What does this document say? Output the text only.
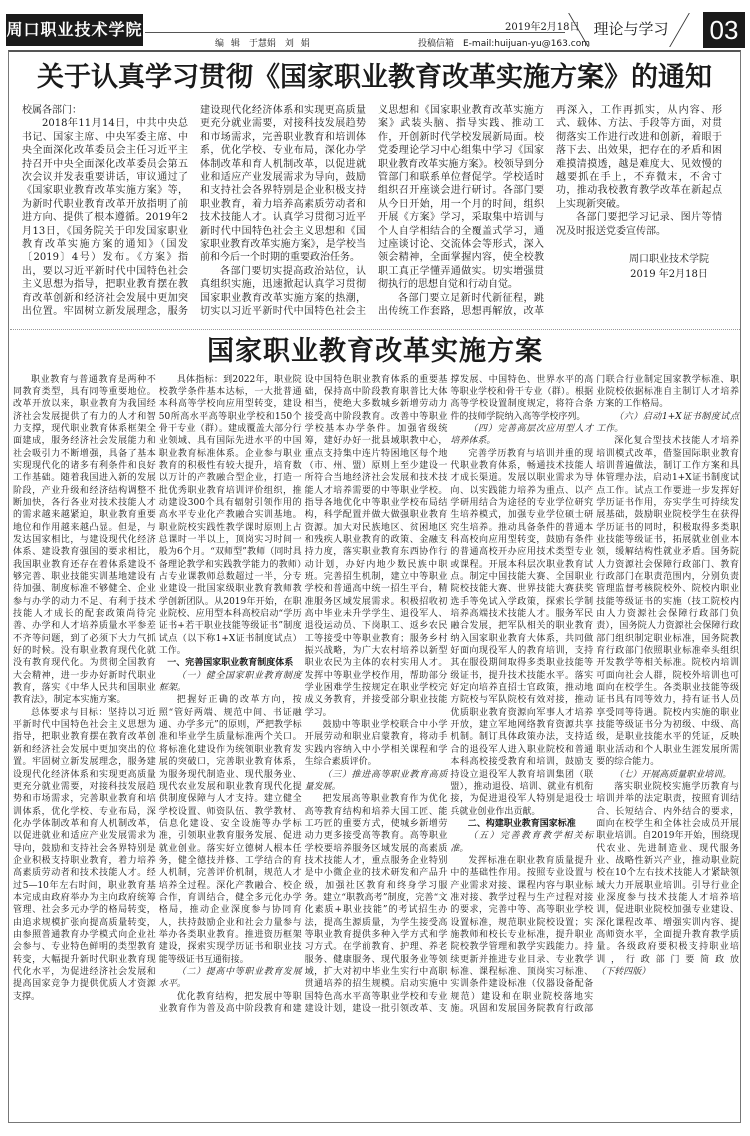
周口职业技术学院	2019年2月18日 理论与学习	03
编 辑　于慧娟　刘 娟	投稿信箱　E-mail:huijuan-yu@163.com
关于认真学习贯彻《国家职业教育改革实施方案》的通知

校属各部门：

2018年11月14日，中共中央总书记、国家主席、中央军委主席、中央全面深化改革委员会主任习近平主持召开中央全面深化改革委员会第五次会议并发表重要讲话，审议通过了《国家职业教育改革实施方案》等，为新时代职业教育改革开放指明了前进方向、提供了根本遵循。2019年2月13日，《国务院关于印发国家职业教育改革实施方案的通知》（国发〔2019〕4号）发布。《方案》指出，要以习近平新时代中国特色社会主义思想为指导，把职业教育摆在教育改革创新和经济社会发展中更加突出位置。牢固树立新发展理念，服务建设现代化经济体系和实现更高质量更充分就业需要，对接科技发展趋势和市场需求，完善职业教育和培训体系，优化学校、专业布局，深化办学体制改革和育人机制改革，以促进就业和适应产业发展需求为导向，鼓励和支持社会各界特别是企业积极支持职业教育，着力培养高素质劳动者和技术技能人才。认真学习贯彻习近平新时代中国特色社会主义思想和《国家职业教育改革实施方案》，是学校当前和今后一个时期的重要政治任务。

各部门要切实提高政治站位，认真组织实施，迅速掀起认真学习贯彻国家职业教育改革实施方案的热潮，切实以习近平新时代中国特色社会主义思想和《国家职业教育改革实施方案》武装头脑、指导实践、推动工作，开创新时代学校发展新局面。校党委理论学习中心组集中学习《国家职业教育改革实施方案》。校领导到分管部门和联系单位督促学。学校适时组织召开座谈会进行研讨。各部门要从今日开始，用一个月的时间，组织开展《方案》学习，采取集中培训与个人自学相结合的全覆盖式学习，通过座谈讨论、交流体会等形式，深入领会精神，全面掌握内容，使全校教职工真正学懂弄通做实。切实增强贯彻执行的思想自觉和行动自觉。

各部门要立足新时代新征程，跳出传统工作套路，思想再解放，改革再深入，工作再抓实，从内容、形式、载体、方法、手段等方面，对贯彻落实工作进行改进和创新，着眼于落下去、出效果，把存在的矛盾和困难摸清摸透，越是难度大、见效慢的越要抓在手上，不弃微末，不舍寸功，推动我校教育教学改革在新起点上实现新突破。

各部门要把学习记录、图片等情况及时报送党委宣传部。

周口职业技术学院
2019 年2月18日
国家职业教育改革实施方案

职业教育与普通教育是两种不同教育类型，具有同等重要地位。改革开放以来，职业教育为我国经济社会发展提供了有力的人才和智力支撑，现代职业教育体系框架全面建成，服务经济社会发展能力和社会吸引力不断增强，具备了基本实现现代化的诸多有利条件和良好工作基础。随着我国进入新的发展阶段，产业升级和经济结构调整不断加快，各行各业对技术技能人才的需求越来越紧迫，职业教育重要地位和作用越来越凸显。但是，与发达国家相比，与建设现代化经济体系、建设教育强国的要求相比，我国职业教育还存在着体系建设不够完善、职业技能实训基地建设有待加强、制度标准不够健全、企业参与办学的动力不足、有利于技术技能人才成长的配套政策尚待完善、办学和人才培养质量水平参差不齐等问题，到了必须下大力气抓好的时候。没有职业教育现代化就没有教育现代化。为贯彻全国教育大会精神，进一步办好新时代职业教育，落实《中华人民共和国职业教育法》，制定本实施方案。

总体要求与目标：坚持以习近平新时代中国特色社会主义思想为指导，把职业教育摆在教育改革创新和经济社会发展中更加突出的位置。牢固树立新发展理念，服务建设现代化经济体系和实现更高质量更充分就业需要，对接科技发展趋势和市场需求，完善职业教育和培训体系，优化学校、专业布局，深化办学体制改革和育人机制改革，以促进就业和适应产业发展需求为导向，鼓励和支持社会各界特别是企业积极支持职业教育，着力培养高素质劳动者和技术技能人才。经过5—10年左右时间，职业教育基本完成由政府举办为主向政府统筹管理、社会多元办学的格局转变，由追求规模扩张向提高质量转变，由参照普通教育办学模式向企业社会参与、专业特色鲜明的类型教育转变，大幅提升新时代职业教育现代化水平，为促进经济社会发展和提高国家竞争力提供优质人才资源支撑。

具体指标：到2022年，职业院校教学条件基本达标，一大批普通本科高等学校向应用型转变，建设50所高水平高等职业学校和150个骨干专业（群）。建成覆盖大部分行业领域、具有国际先进水平的中国职业教育标准体系。企业参与职业教育的积极性有较大提升，培育数以万计的产教融合型企业，打造一批优秀职业教育培训评价组织，推动建设300个具有辐射引领作用的高水平专业化产教融合实训基地。职业院校实践性教学课时原则上占总课时一半以上，顶岗实习时间一般为6个月。“双师型”教师（同时具备理论教学和实践教学能力的教师）占专业课教师总数超过一半，分专业建设一批国家级职业教育教师教学创新团队。从2019年开始，在职业院校、应用型本科高校启动“学历证书+若干职业技能等级证书”制度试点（以下称1+X证书制度试点）工作。

一、完善国家职业教育制度体系

（一）健全国家职业教育制度框架。

把握好正确的改革方向，按照“管好两端、规范中间、书证融通、办学多元”的原则，严把教学标准和毕业学生质量标准两个关口。将标准化建设作为统领职业教育发展的突破口，完善职业教育体系，为服务现代制造业、现代服务业、现代农业发展和职业教育现代化提供制度保障与人才支持。建立健全学校设置、师资队伍、教学教材、信息化建设、安全设施等办学标准，引领职业教育服务发展、促进就业创业。落实好立德树人根本任务，健全德技并修、工学结合的育人机制，完善评价机制，规范人才培养全过程。深化产教融合、校企合作，育训结合，健全多元化办学格局，推动企业深度参与协同育人，扶持鼓励企业和社会力量参与举办各类职业教育。推进资历框架建设，探索实现学历证书和职业技能等级证书互通衔接。

（二）提高中等职业教育发展水平。

优化教育结构，把发展中等职业教育作为普及高中阶段教育和建设中国特色职业教育体系的重要基础，保持高中阶段教育职普比大体相当，使绝大多数城乡新增劳动力接受高中阶段教育。改善中等职业学校基本办学条件。加强省级统筹，建好办好一批县域职教中心，重点支持集中连片特困地区每个地（市、州、盟）原则上至少建设一所符合当地经济社会发展和技术技能人才培养需要的中等职业学校。指导各地优化中等职业学校布局结构，科学配置并做大做强职业教育资源。加大对民族地区、贫困地区和残疾人职业教育的政策、金融支持力度，落实职业教育东西协作行动计划，办好内地少数民族中职班。完善招生机制，建立中等职业学校和普通高中统一招生平台，精准服务区域发展需求。积极招收初高中毕业未升学学生、退役军人、退役运动员、下岗职工、返乡农民工等接受中等职业教育；服务乡村振兴战略，为广大农村培养以新型职业农民为主体的农村实用人才。发挥中等职业学校作用，帮助部分学业困难学生按规定在职业学校完成义务教育，并接受部分职业技能学习。

鼓励中等职业学校联合中小学开展劳动和职业启蒙教育，将动手实践内容纳入中小学相关课程和学生综合素质评价。

（三）推进高等职业教育高质量发展。

把发展高等职业教育作为优化高等教育结构和培养大国工匠、能工巧匠的重要方式，使城乡新增劳动力更多接受高等教育。高等职业学校要培养服务区域发展的高素质技术技能人才，重点服务企业特别是中小微企业的技术研发和产品升级，加强社区教育和终身学习服务。建立“职教高考”制度，完善“文化素质+职业技能”的考试招生办法，提高生源质量，为学生接受高等职业教育提供多种入学方式和学习方式。在学前教育、护理、养老服务、健康服务、现代服务业等领域，扩大对初中毕业生实行中高职贯通培养的招生规模。启动实施中国特色高水平高等职业学校和专业建设计划，建设一批引领改革、支撑发展、中国特色、世界水平的高等职业学校和骨干专业（群）。根据高等学校设置制度规定，将符合条件的技师学院纳入高等学校序列。

（四）完善高层次应用型人才培养体系。

完善学历教育与培训并重的现代职业教育体系，畅通技术技能人才成长渠道。发展以职业需求为导向、以实践能力培养为重点、以产学研用结合为途径的专业学位研究生培养模式，加强专业学位硕士研究生培养。推动具备条件的普通本科高校向应用型转变，鼓励有条件的普通高校开办应用技术类型专业或课程。开展本科层次职业教育试点。制定中国技能大赛、全国职业院校技能大赛、世界技能大赛获奖选手等免试入学政策，探索长学制培养高端技术技能人才。服务军民融合发展，把军队相关的职业教育纳入国家职业教育大体系，共同做好面向现役军人的教育培训，支持其在服役期间取得多类职业技能等级证书，提升技术技能水平。落实好定向培养直招士官政策，推动地方院校与军队院校有效对接，推动优质职业教育资源向军事人才培养开放，建立军地网络教育资源共享机制。制订具体政策办法，支持适合的退役军人进入职业院校和普通本科高校接受教育和培训，鼓励支持设立退役军人教育培训集团（联盟），推动退役、培训、就业有机衔接，为促进退役军人特别是退役士兵就业创业作出贡献。

二、构建职业教育国家标准

（五）完善教育教学相关标准。

发挥标准在职业教育质量提升中的基础性作用。按照专业设置与产业需求对接、课程内容与职业标准对接、教学过程与生产过程对接的要求，完善中等、高等职业学校设置标准，规范职业院校设置；实施教师和校长专业标准，提升职业院校教学管理和教学实践能力。持续更新并推进专业目录、专业教学标准、课程标准、顶岗实习标准、实训条件建设标准（仪器设备配备规范）建设和在职业院校落地实施。巩固和发展国务院教育行政部门联合行业制定国家教学标准、职业院校依据标准自主制订人才培养方案的工作格局。

（六）启动1+X证书制度试点工作。

深化复合型技术技能人才培养培训模式改革，借鉴国际职业教育培训普遍做法，制订工作方案和具体管理办法，启动1+X证书制度试点工作。试点工作要进一步发挥好学历证书作用，夯实学生可持续发展基础，鼓励职业院校学生在获得学历证书的同时，积极取得多类职业技能等级证书，拓展就业创业本领，缓解结构性就业矛盾。国务院人力资源社会保障行政部门、教育行政部门在职责范围内，分别负责管理监督考核院校外、院校内职业技能等级证书的实施（技工院校内由人力资源社会保障行政部门负责），国务院人力资源社会保障行政部门组织制定职业标准，国务院教育行政部门依照职业标准牵头组织开发教学等相关标准。院校内培训可面向社会人群，院校外培训也可面向在校学生。各类职业技能等级证书具有同等效力，持有证书人员享受同等待遇。院校内实施的职业技能等级证书分为初级、中级、高级，是职业技能水平的凭证，反映职业活动和个人职业生涯发展所需要的综合能力。

（七）开展高质量职业培训。

落实职业院校实施学历教育与培训并举的法定职责，按照育训结合、长短结合、内外结合的要求，面向在校学生和全体社会成员开展职业培训。自2019年开始，围绕现代农业、先进制造业、现代服务业、战略性新兴产业，推动职业院校在10个左右技术技能人才紧缺领域大力开展职业培训。引导行业企业深度参与技术技能人才培养培训，促进职业院校加强专业建设、深化课程改革、增强实训内容、提高师资水平，全面提升教育教学质量。各级政府要积极支持职业培训，行政部门要简政放（下转四版）
